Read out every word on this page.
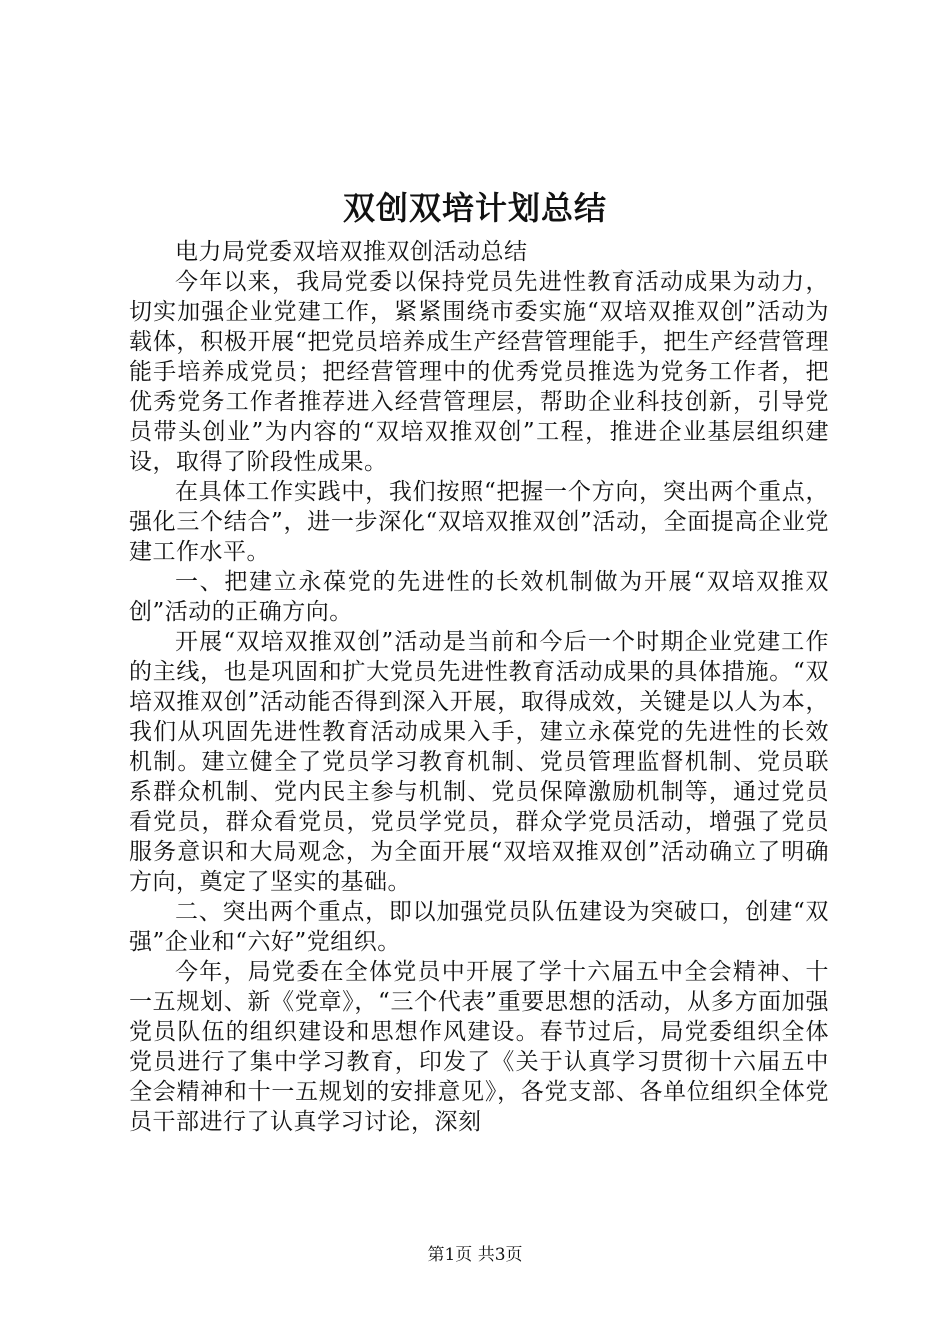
双创双培计划总结

电力局党委双培双推双创活动总结

今年以来，我局党委以保持党员先进性教育活动成果为动力，切实加强企业党建工作，紧紧围绕市委实施“双培双推双创”活动为载体，积极开展“把党员培养成生产经营管理能手，把生产经营管理能手培养成党员；把经营管理中的优秀党员推选为党务工作者，把优秀党务工作者推荐进入经营管理层，帮助企业科技创新，引导党员带头创业”为内容的“双培双推双创”工程，推进企业基层组织建设，取得了阶段性成果。

在具体工作实践中，我们按照“把握一个方向，突出两个重点，强化三个结合”，进一步深化“双培双推双创”活动，全面提高企业党建工作水平。

一、把建立永葆党的先进性的长效机制做为开展“双培双推双创”活动的正确方向。

开展“双培双推双创”活动是当前和今后一个时期企业党建工作的主线，也是巩固和扩大党员先进性教育活动成果的具体措施。“双培双推双创”活动能否得到深入开展，取得成效，关键是以人为本，我们从巩固先进性教育活动成果入手，建立永葆党的先进性的长效机制。建立健全了党员学习教育机制、党员管理监督机制、党员联系群众机制、党内民主参与机制、党员保障激励机制等，通过党员看党员，群众看党员，党员学党员，群众学党员活动，增强了党员服务意识和大局观念，为全面开展“双培双推双创”活动确立了明确方向，奠定了坚实的基础。

二、突出两个重点，即以加强党员队伍建设为突破口，创建“双强”企业和“六好”党组织。

今年，局党委在全体党员中开展了学十六届五中全会精神、十一五规划、新《党章》，“三个代表”重要思想的活动，从多方面加强党员队伍的组织建设和思想作风建设。春节过后，局党委组织全体党员进行了集中学习教育，印发了《关于认真学习贯彻十六届五中全会精神和十一五规划的安排意见》，各党支部、各单位组织全体党员干部进行了认真学习讨论，深刻

第1页 共3页
